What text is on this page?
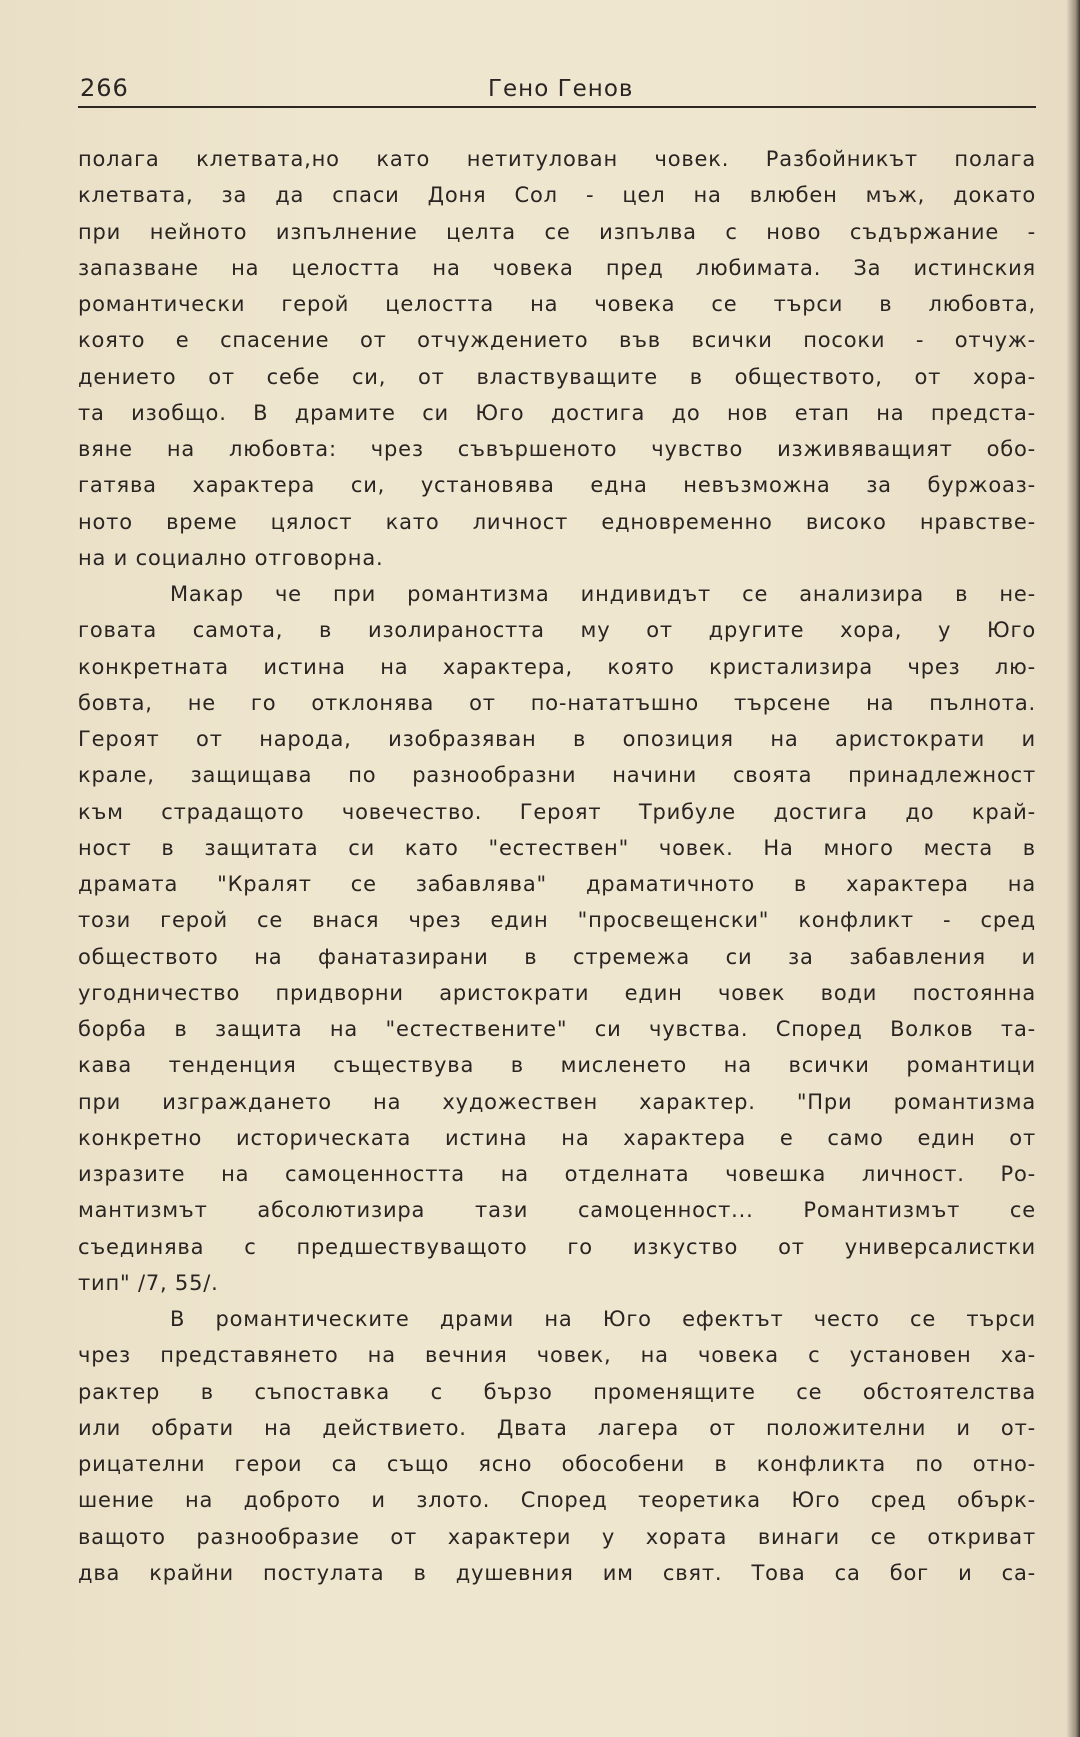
266	Гено Генов
полага клетвата,но като нетитулован човек. Разбойникът полага
клетвата, за да спаси Доня Сол - цел на влюбен мъж, докато
при нейното изпълнение целта се изпълва с ново съдържание -
запазване на целостта на човека пред любимата. За истинския
романтически герой целостта на човека се търси в любовта,
която е спасение от отчуждението във всички посоки - отчуж-
дението от себе си, от властвуващите в обществото, от хора-
та изобщо. В драмите си Юго достига до нов етап на предста-
вяне на любовта: чрез съвършеното чувство изживяващият обо-
гатява характера си, установява една невъзможна за буржоаз-
ното време цялост като личност едновременно високо нравстве-
на и социално отговорна.
Макар че при романтизма индивидът се анализира в не-
говата самота, в изолираността му от другите хора, у Юго
конкретната истина на характера, която кристализира чрез лю-
бовта, не го отклонява от по-нататъшно търсене на пълнота.
Героят от народа, изобразяван в опозиция на аристократи и
крале, защищава по разнообразни начини своята принадлежност
към страдащото човечество. Героят Трибуле достига до край-
ност в защитата си като "естествен" човек. На много места в
драмата "Кралят се забавлява" драматичното в характера на
този герой се внася чрез един "просвещенски" конфликт - сред
обществото на фанатазирани в стремежа си за забавления и
угодничество придворни аристократи един човек води постоянна
борба в защита на "естествените" си чувства. Според Волков та-
кава тенденция съществува в мисленето на всички романтици
при изграждането на художествен характер. "При романтизма
конкретно историческата истина на характера е само един от
изразите на самоценността на отделната човешка личност. Ро-
мантизмът абсолютизира тази самоценност... Романтизмът се
съединява с предшествуващото го изкуство от универсалистки
тип" /7, 55/.
В романтическите драми на Юго ефектът често се търси
чрез представянето на вечния човек, на човека с установен ха-
рактер в съпоставка с бързо променящите се обстоятелства
или обрати на действието. Двата лагера от положителни и от-
рицателни герои са също ясно обособени в конфликта по отно-
шение на доброто и злото. Според теоретика Юго сред обърк-
ващото разнообразие от характери у хората винаги се откриват
два крайни постулата в душевния им свят. Това са бог и са-
